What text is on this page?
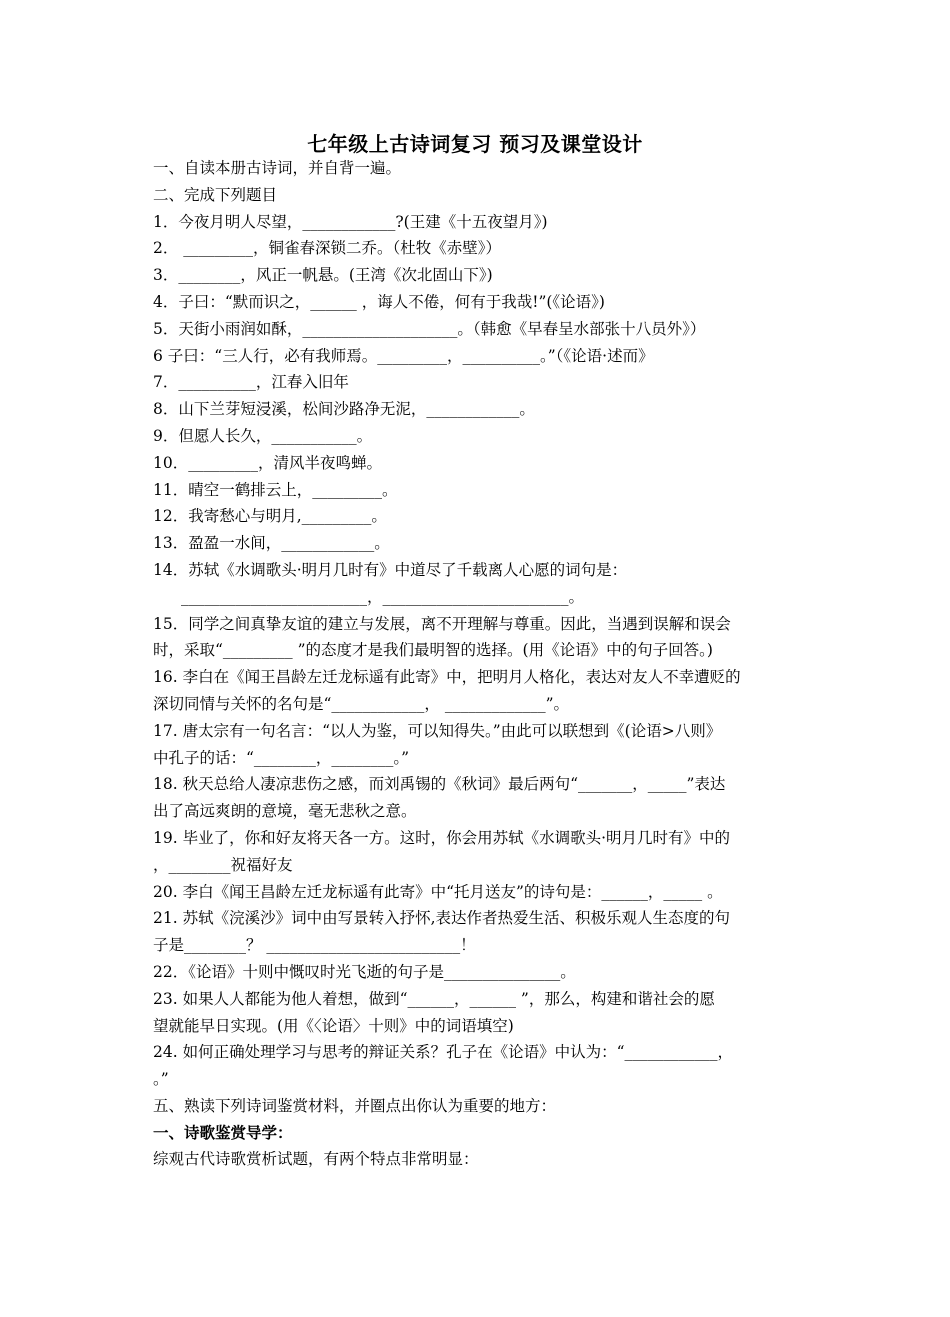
七年级上古诗词复习 预习及课堂设计
一、自读本册古诗词，并自背一遍。
二、完成下列题目
1．今夜月明人尽望，____________?(王建《十五夜望月》)
2． _________，铜雀春深锁二乔。（杜牧《赤壁》）
3．________，风正一帆悬。(王湾《次北固山下》)
4．子曰：“默而识之，______ ，诲人不倦，何有于我哉!”(《论语》)
5．天街小雨润如酥，____________________。（韩愈《早春呈水部张十八员外》）
6 子曰：“三人行，必有我师焉。_________，__________。”（《论语·述而》
7．__________，江春入旧年
8．山下兰芽短浸溪，松间沙路净无泥，____________。
9．但愿人长久，___________。
10．_________，清风半夜鸣蝉。
11．晴空一鹤排云上，_________。
12．我寄愁心与明月,_________。
13．盈盈一水间，____________。
14．苏轼《水调歌头·明月几时有》中道尽了千载离人心愿的词句是：
________________________，________________________。
15．同学之间真挚友谊的建立与发展，离不开理解与尊重。因此，当遇到误解和误会
时，采取“_________ ”的态度才是我们最明智的选择。(用《论语》中的句子回答。)
16. 李白在《闻王昌龄左迁龙标遥有此寄》中，把明月人格化，表达对友人不幸遭贬的
深切同情与关怀的名句是“____________， _____________”。
17. 唐太宗有一句名言：“以人为鉴，可以知得失。”由此可以联想到《(论语>八则》
中孔子的话：“________，________。”
18. 秋天总给人凄凉悲伤之感，而刘禹锡的《秋词》最后两句“_______，_____”表达
出了高远爽朗的意境，毫无悲秋之意。
19. 毕业了，你和好友将天各一方。这时，你会用苏轼《水调歌头·明月几时有》中的
，________祝福好友
20. 李白《闻王昌龄左迁龙标遥有此寄》中“托月送友”的诗句是：______，_____ 。
21. 苏轼《浣溪沙》词中由写景转入抒怀,表达作者热爱生活、积极乐观人生态度的句
子是________？ _________________________！
22．《论语》十则中慨叹时光飞逝的句子是_______________。
23. 如果人人都能为他人着想，做到“______，______ ”，那么，构建和谐社会的愿
望就能早日实现。(用《〈论语〉十则》中的词语填空)
24. 如何正确处理学习与思考的辩证关系？孔子在《论语》中认为：“____________，
。”
五、熟读下列诗词鉴赏材料，并圈点出你认为重要的地方：
一、诗歌鉴赏导学：
综观古代诗歌赏析试题，有两个特点非常明显：
